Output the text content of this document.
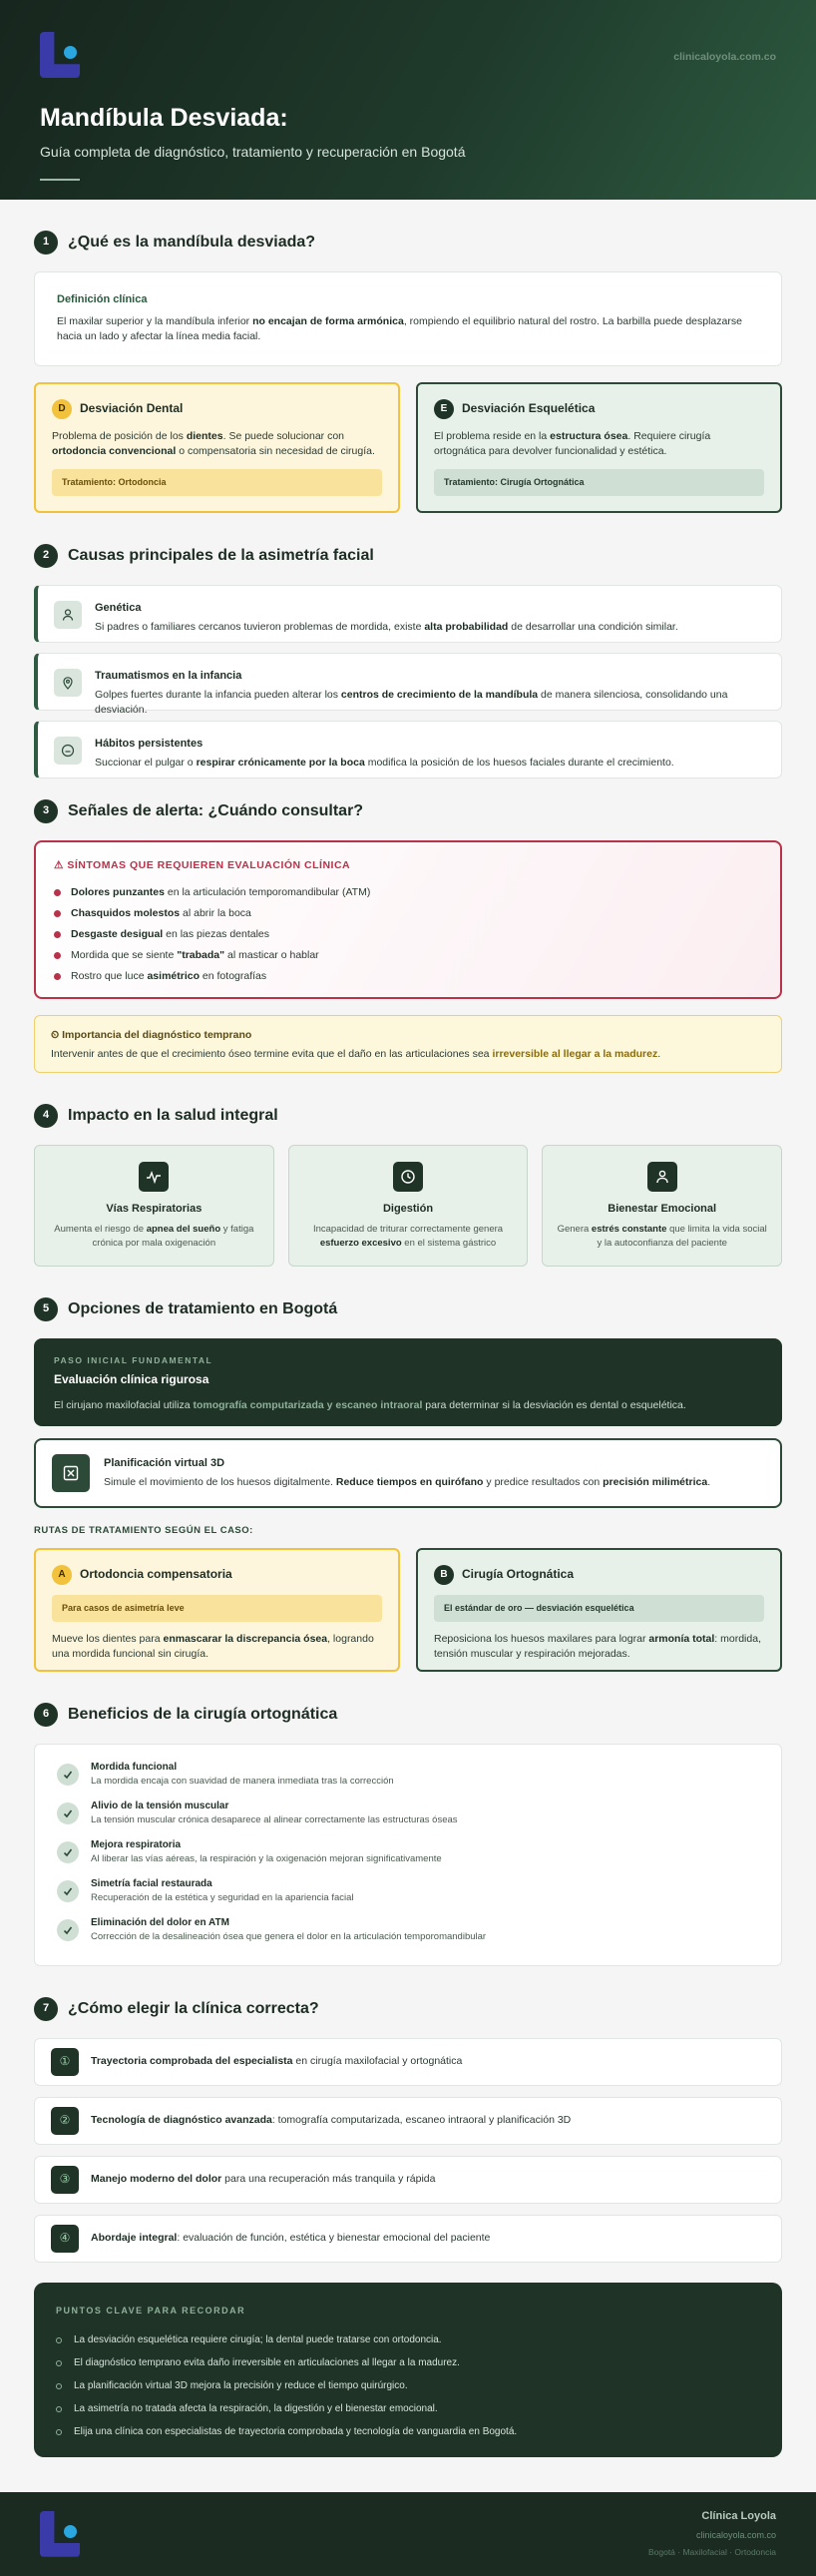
clinicaloyola.com.co
Mandíbula Desviada:
Guía completa de diagnóstico, tratamiento y recuperación en Bogotá
1	¿Qué es la mandíbula desviada?
Definición clínica
El maxilar superior y la mandíbula inferior no encajan de forma armónica, rompiendo el equilibrio natural del rostro. La barbilla puede desplazarse hacia un lado y afectar la línea media facial.
D	Desviación Dental
Problema de posición de los dientes. Se puede solucionar con ortodoncia convencional o compensatoria sin necesidad de cirugía.
Tratamiento: Ortodoncia
E	Desviación Esquelética
El problema reside en la estructura ósea. Requiere cirugía ortognática para devolver funcionalidad y estética.
Tratamiento: Cirugía Ortognática
2	Causas principales de la asimetría facial
Genética
Si padres o familiares cercanos tuvieron problemas de mordida, existe alta probabilidad de desarrollar una condición similar.
Traumatismos en la infancia
Golpes fuertes durante la infancia pueden alterar los centros de crecimiento de la mandíbula de manera silenciosa, consolidando una desviación.
Hábitos persistentes
Succionar el pulgar o respirar crónicamente por la boca modifica la posición de los huesos faciales durante el crecimiento.
3	Señales de alerta: ¿Cuándo consultar?
⚠ SÍNTOMAS QUE REQUIEREN EVALUACIÓN CLÍNICA
Dolores punzantes en la articulación temporomandibular (ATM)
Chasquidos molestos al abrir la boca
Desgaste desigual en las piezas dentales
Mordida que se siente "trabada" al masticar o hablar
Rostro que luce asimétrico en fotografías
⏲ Importancia del diagnóstico temprano
Intervenir antes de que el crecimiento óseo termine evita que el daño en las articulaciones sea irreversible al llegar a la madurez.
4	Impacto en la salud integral
Vías Respiratorias
Aumenta el riesgo de apnea del sueño y fatiga crónica por mala oxigenación
Digestión
Incapacidad de triturar correctamente genera esfuerzo excesivo en el sistema gástrico
Bienestar Emocional
Genera estrés constante que limita la vida social y la autoconfianza del paciente
5	Opciones de tratamiento en Bogotá
PASO INICIAL FUNDAMENTAL
Evaluación clínica rigurosa
El cirujano maxilofacial utiliza tomografía computarizada y escaneo intraoral para determinar si la desviación es dental o esquelética.
Planificación virtual 3D
Simule el movimiento de los huesos digitalmente. Reduce tiempos en quirófano y predice resultados con precisión milimétrica.
RUTAS DE TRATAMIENTO SEGÚN EL CASO:
A	Ortodoncia compensatoria
Para casos de asimetría leve
Mueve los dientes para enmascarar la discrepancia ósea, logrando una mordida funcional sin cirugía.
B	Cirugía Ortognática
El estándar de oro — desviación esquelética
Reposiciona los huesos maxilares para lograr armonía total: mordida, tensión muscular y respiración mejoradas.
6	Beneficios de la cirugía ortognática
Mordida funcional
La mordida encaja con suavidad de manera inmediata tras la corrección
Alivio de la tensión muscular
La tensión muscular crónica desaparece al alinear correctamente las estructuras óseas
Mejora respiratoria
Al liberar las vías aéreas, la respiración y la oxigenación mejoran significativamente
Simetría facial restaurada
Recuperación de la estética y seguridad en la apariencia facial
Eliminación del dolor en ATM
Corrección de la desalineación ósea que genera el dolor en la articulación temporomandibular
7	¿Cómo elegir la clínica correcta?
①	Trayectoria comprobada del especialista en cirugía maxilofacial y ortognática
②	Tecnología de diagnóstico avanzada: tomografía computarizada, escaneo intraoral y planificación 3D
③	Manejo moderno del dolor para una recuperación más tranquila y rápida
④	Abordaje integral: evaluación de función, estética y bienestar emocional del paciente
PUNTOS CLAVE PARA RECORDAR
La desviación esquelética requiere cirugía; la dental puede tratarse con ortodoncia.
El diagnóstico temprano evita daño irreversible en articulaciones al llegar a la madurez.
La planificación virtual 3D mejora la precisión y reduce el tiempo quirúrgico.
La asimetría no tratada afecta la respiración, la digestión y el bienestar emocional.
Elija una clínica con especialistas de trayectoria comprobada y tecnología de vanguardia en Bogotá.
Clínica Loyola
clinicaloyola.com.co
Bogotá · Maxilofacial · Ortodoncia
